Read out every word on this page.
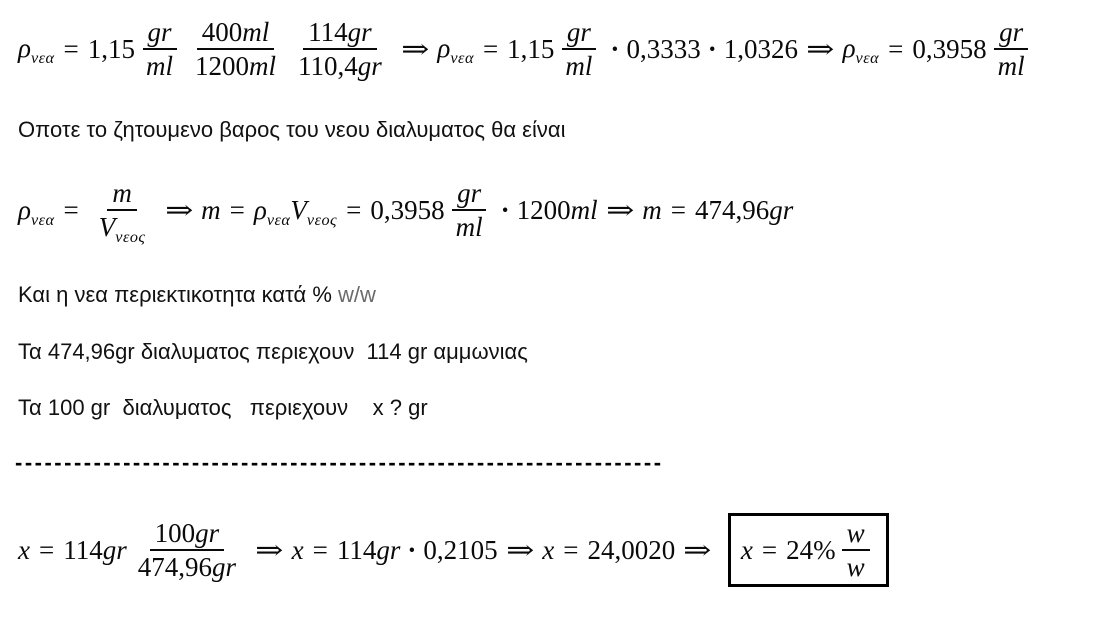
$\rho_{\nu\varepsilon\alpha} = 1,15 \frac{gr}{ml} \frac{400ml}{1200ml} \frac{114gr}{110,4gr}$ ⇒ $\rho_{\nu\varepsilon\alpha} = 1,15 \frac{gr}{ml} \cdot 0,3333 \cdot 1,0326$ ⇒ $\rho_{\nu\varepsilon\alpha} = 0,3958 \frac{gr}{ml}$
Οποτε το ζητουμενο βαρος του νεου διαλυματος θα είναι
$\rho_{\nu\varepsilon\alpha} = \frac{m}{V_{\nu\varepsilon o\varsigma}}$ ⇒ $m = \rho_{\nu\varepsilon\alpha}$ $V_{\nu\varepsilon o\varsigma} = 0,3958 \frac{gr}{ml} \cdot 1200ml$ ⇒ m = 474,96gr
Και η νεα περιεκτικοτητα κατά % w/w
Τα 474,96gr διαλυματος περιεχουν  114 gr αμμωνιας
Τα 100 gr  διαλυματος   περιεχουν    x ? gr
------------------------------------------------------------------
$x = 114gr \frac{100gr}{474,96gr}$ ⇒ x = 114gr · 0,2105 ⇒ x = 24,0020 ⇒ $x = 24\% \frac{w}{w}$
